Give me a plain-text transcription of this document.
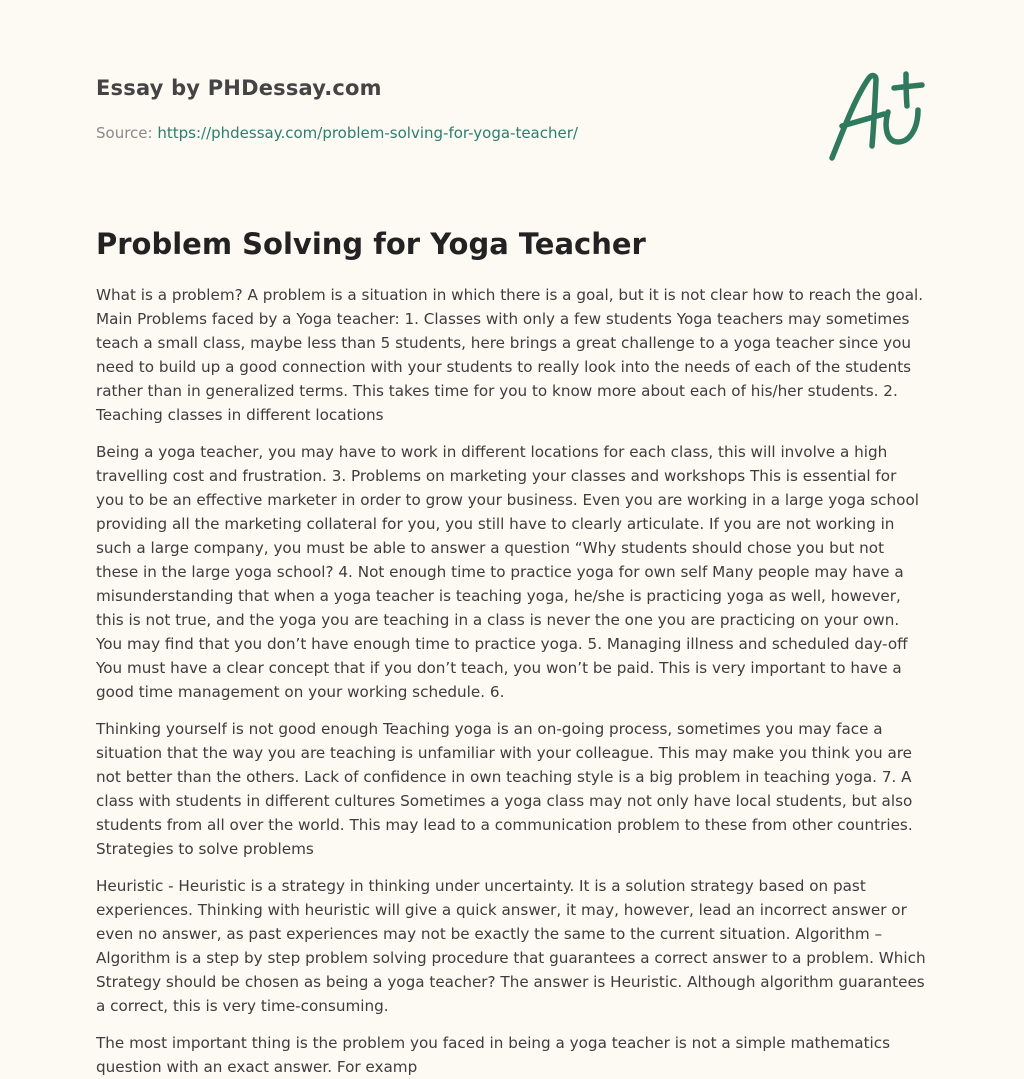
Essay by PHDessay.com
Source: https://phdessay.com/problem-solving-for-yoga-teacher/
Problem Solving for Yoga Teacher

What is a problem? A problem is a situation in which there is a goal, but it is not clear how to reach the goal. Main Problems faced by a Yoga teacher: 1. Classes with only a few students Yoga teachers may sometimes teach a small class, maybe less than 5 students, here brings a great challenge to a yoga teacher since you need to build up a good connection with your students to really look into the needs of each of the students rather than in generalized terms. This takes time for you to know more about each of his/her students. 2. Teaching classes in different locations

Being a yoga teacher, you may have to work in different locations for each class, this will involve a high travelling cost and frustration. 3. Problems on marketing your classes and workshops This is essential for you to be an effective marketer in order to grow your business. Even you are working in a large yoga school providing all the marketing collateral for you, you still have to clearly articulate. If you are not working in such a large company, you must be able to answer a question “Why students should chose you but not these in the large yoga school? 4. Not enough time to practice yoga for own self Many people may have a misunderstanding that when a yoga teacher is teaching yoga, he/she is practicing yoga as well, however, this is not true, and the yoga you are teaching in a class is never the one you are practicing on your own. You may find that you don’t have enough time to practice yoga. 5. Managing illness and scheduled day-off You must have a clear concept that if you don’t teach, you won’t be paid. This is very important to have a good time management on your working schedule. 6.

Thinking yourself is not good enough Teaching yoga is an on-going process, sometimes you may face a situation that the way you are teaching is unfamiliar with your colleague. This may make you think you are not better than the others. Lack of confidence in own teaching style is a big problem in teaching yoga. 7. A class with students in different cultures Sometimes a yoga class may not only have local students, but also students from all over the world. This may lead to a communication problem to these from other countries. Strategies to solve problems

Heuristic - Heuristic is a strategy in thinking under uncertainty. It is a solution strategy based on past experiences. Thinking with heuristic will give a quick answer, it may, however, lead an incorrect answer or even no answer, as past experiences may not be exactly the same to the current situation. Algorithm – Algorithm is a step by step problem solving procedure that guarantees a correct answer to a problem. Which Strategy should be chosen as being a yoga teacher? The answer is Heuristic. Although algorithm guarantees a correct, this is very time-consuming.

The most important thing is the problem you faced in being a yoga teacher is not a simple mathematics question with an exact answer. For examp
